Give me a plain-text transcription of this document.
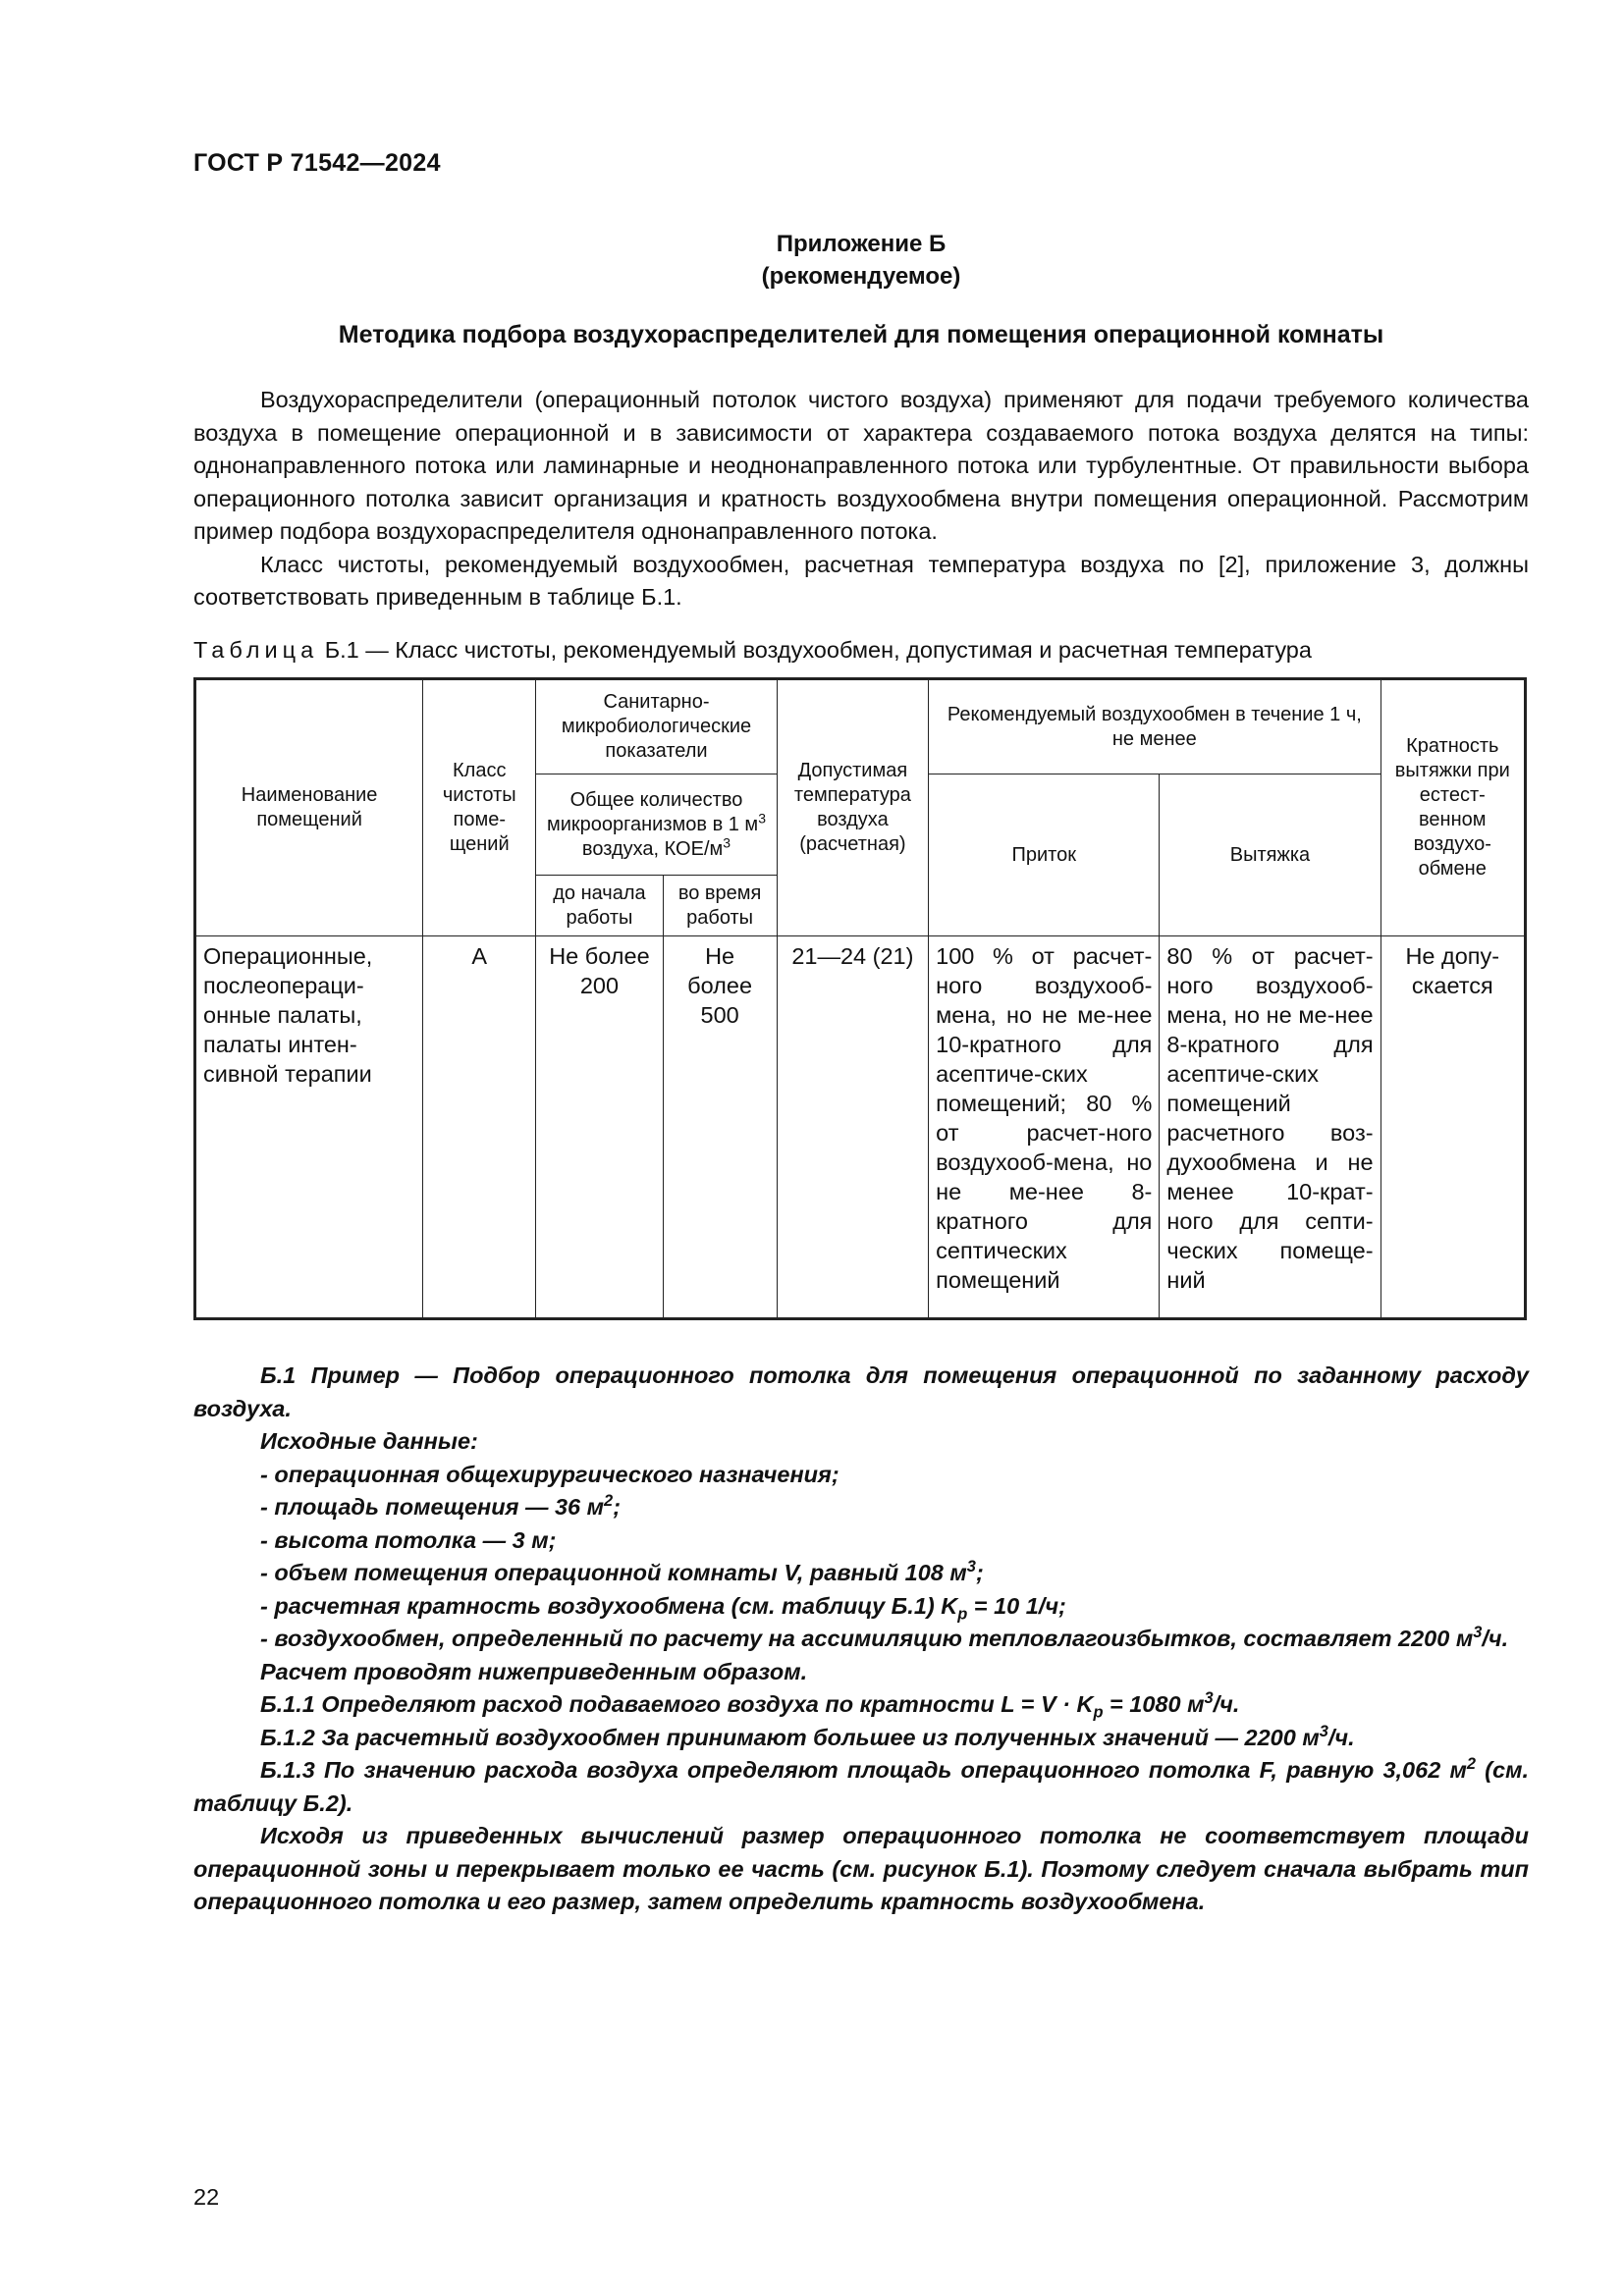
ГОСТ Р 71542—2024
Приложение Б
(рекомендуемое)
Методика подбора воздухораспределителей для помещения операционной комнаты

Воздухораспределители (операционный потолок чистого воздуха) применяют для подачи требуемого количества воздуха в помещение операционной и в зависимости от характера создаваемого потока воздуха делятся на типы: однонаправленного потока или ламинарные и неоднонаправленного потока или турбулентные. От правильности выбора операционного потолка зависит организация и кратность воздухообмена внутри помещения операционной. Рассмотрим пример подбора воздухораспределителя однонаправленного потока.

Класс чистоты, рекомендуемый воздухообмен, расчетная температура воздуха по [2], приложение 3, должны соответствовать приведенным в таблице Б.1.

Таблица Б.1 — Класс чистоты, рекомендуемый воздухообмен, допустимая и расчетная температура
Наименование помещений	Класс чистоты поме-щений	Санитарно-микробиологические показатели		Допустимая температура воздуха (расчетная)	Рекомендуемый воздухообмен в течение 1 ч, не менее		Кратность вытяжки при естест-венном воздухо-обмене
		Общее количество микроорганизмов в 1 $м^3$ воздуха, КОЕ/$м^3$			Приток	Вытяжка	
		до начала работы	во время работы				
Операционные, послеопераци-онные палаты, палаты интен-сивной терапии	А	Не более 200	Не более 500	21—24 (21)	100 % от расчет-ного воздухооб-мена, но не ме-нее 10-кратного для асептиче-ских помещений; 80 % от расчет-ного воздухооб-мена, но не ме-нее 8-кратного для септических помещений	80 % от расчет-ного воздухооб-мена, но не ме-нее 8-кратного для асептиче-ских помещений расчетного воз-духообмена и не менее 10-крат-ного для септи-ческих помеще-ний	Не допу-скается

Б.1 Пример — Подбор операционного потолка для помещения операционной по заданному расходу воздуха.

Исходные данные:

- операционная общехирургического назначения;

- площадь помещения — 36 $м^2$;

- высота потолка — 3 м;

- объем помещения операционной комнаты V, равный 108 $м^3$;

- расчетная кратность воздухообмена (см. таблицу Б.1) $K_p = 10$ 1/ч;

- воздухообмен, определенный по расчету на ассимиляцию тепловлагоизбытков, составляет 2200 $м^3/ч$.

Расчет проводят нижеприведенным образом.

Б.1.1 Определяют расход подаваемого воздуха по кратности $L = V \cdot K_p = 1080$ $м^3/ч$.

Б.1.2 За расчетный воздухообмен принимают большее из полученных значений — 2200 $м^3/ч$.

Б.1.3 По значению расхода воздуха определяют площадь операционного потолка F, равную 3,062 $м^2$ (см. таблицу Б.2).

Исходя из приведенных вычислений размер операционного потолка не соответствует площади операционной зоны и перекрывает только ее часть (см. рисунок Б.1). Поэтому следует сначала выбрать тип операционного потолка и его размер, затем определить кратность воздухообмена.

22
